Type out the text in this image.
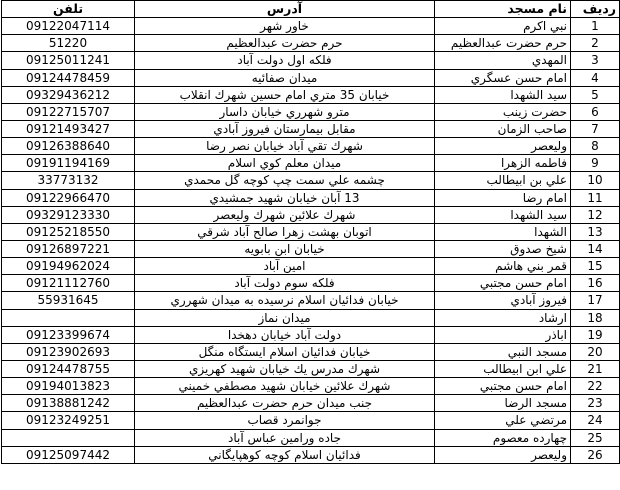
تلفن	آدرس	نام مسجد	رديف
09122047114	خاور شهر	نبي اكرم	1
51220	حرم حضرت عبدالعظيم	حرم حضرت عبدالعظيم	2
09125011241	فلكه اول دولت آباد	المهدي	3
09124478459	ميدان صفائيه	امام حسن عسگري	4
09329436212	خيابان 35 متري امام حسين شهرك انقلاب	سيد الشهدا	5
09122715707	مترو شهرري خيابان داسار	حضرت زينب	6
09121493427	مقابل بيمارستان فيروز آبادي	صاحب الزمان	7
09126388640	شهرك تقي آباد خيابان نصر رضا	وليعصر	8
09191194169	ميدان معلم كوي اسلام	فاطمه الزهرا	9
33773132	چشمه علي سمت چپ كوچه گل محمدي	علي بن ابيطالب	10
09122966470	13 آبان خيابان شهيد جمشيدي	امام رضا	11
09329123330	شهرك علائين شهرك وليعصر	سيد الشهدا	12
09125218550	اتوبان بهشت زهرا صالح آباد شرقي	الشهدا	13
09126897221	خيابان ابن بابويه	شيخ صدوق	14
09194962024	امين آباد	قمر بني هاشم	15
09121112760	فلكه سوم دولت آباد	امام حسن مجتبي	16
55931645	خيابان فدائيان اسلام نرسيده به ميدان شهرري	فيروز آبادي	17
	ميدان نماز	ارشاد	18
09123399674	دولت آباد خيابان دهخدا	اباذر	19
09123902693	خيابان فدائيان اسلام ايستگاه منگل	مسجد النبي	20
09124478755	شهرك مدرس يك خيابان شهيد كهريزي	علي ابن ابيطالب	21
09194013823	شهرك علائين خيابان شهيد مصطفي خميني	امام حسن مجتبي	22
09138881242	جنب ميدان حرم حضرت عبدالعظيم	مسجد الرضا	23
09123249251	جوانمرد قصاب	مرتضي علي	24
	جاده ورامين عباس آباد	چهارده معصوم	25
09125097442	فدائيان اسلام كوچه كوهپايگاني	وليعصر	26
